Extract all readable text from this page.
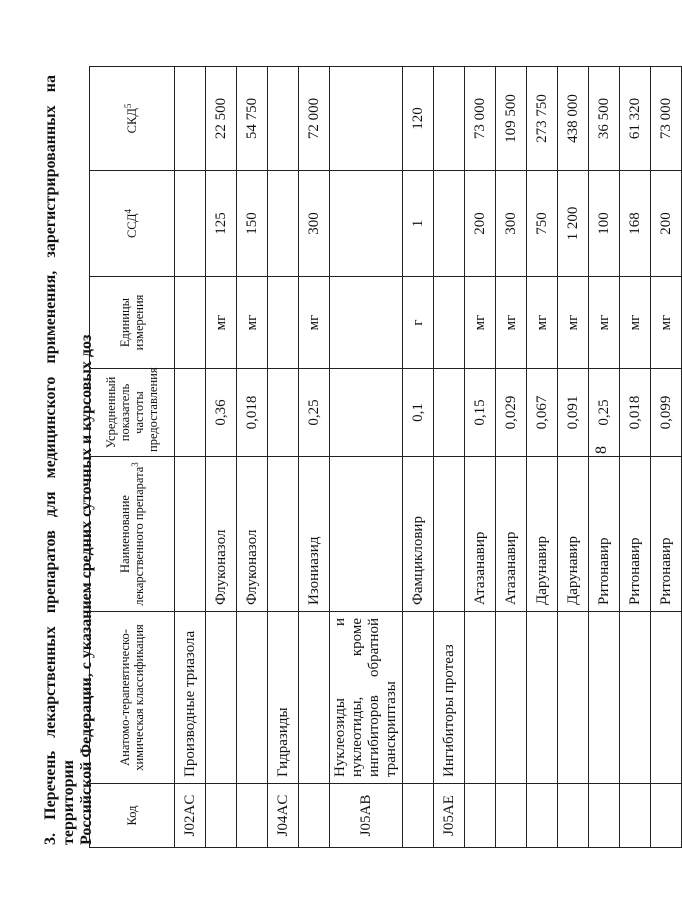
8
3. Перечень лекарственных препаратов для медицинского применения, зарегистрированных на территории Российской Федерации, с указанием средних суточных и курсовых доз Код	Анатомо-терапевтическо-химическая классификация	Наименование лекарственного препарата$^3$	Усредненный показатель частоты предоставления	Единицы измерения	ССД$^4$	СКД$^5$
J02AC	Производные триазола					
		Флуконазол	0,36	мг	125	22 500
		Флуконазол	0,018	мг	150	54 750
J04AC	Гидразиды					
		Изониазид	0,25	мг	300	72 000
J05AB	Нуклеозиды и нуклеотиды, кроме ингибиторов обратной транскриптазы					
		Фамцикловир	0,1	г	1	120
J05AE	Ингибиторы протеаз					
		Атазанавир	0,15	мг	200	73 000
		Атазанавир	0,029	мг	300	109 500
		Дарунавир	0,067	мг	750	273 750
		Дарунавир	0,091	мг	1 200	438 000
		Ритонавир	0,25	мг	100	36 500
		Ритонавир	0,018	мг	168	61 320
		Ритонавир	0,099	мг	200	73 000
